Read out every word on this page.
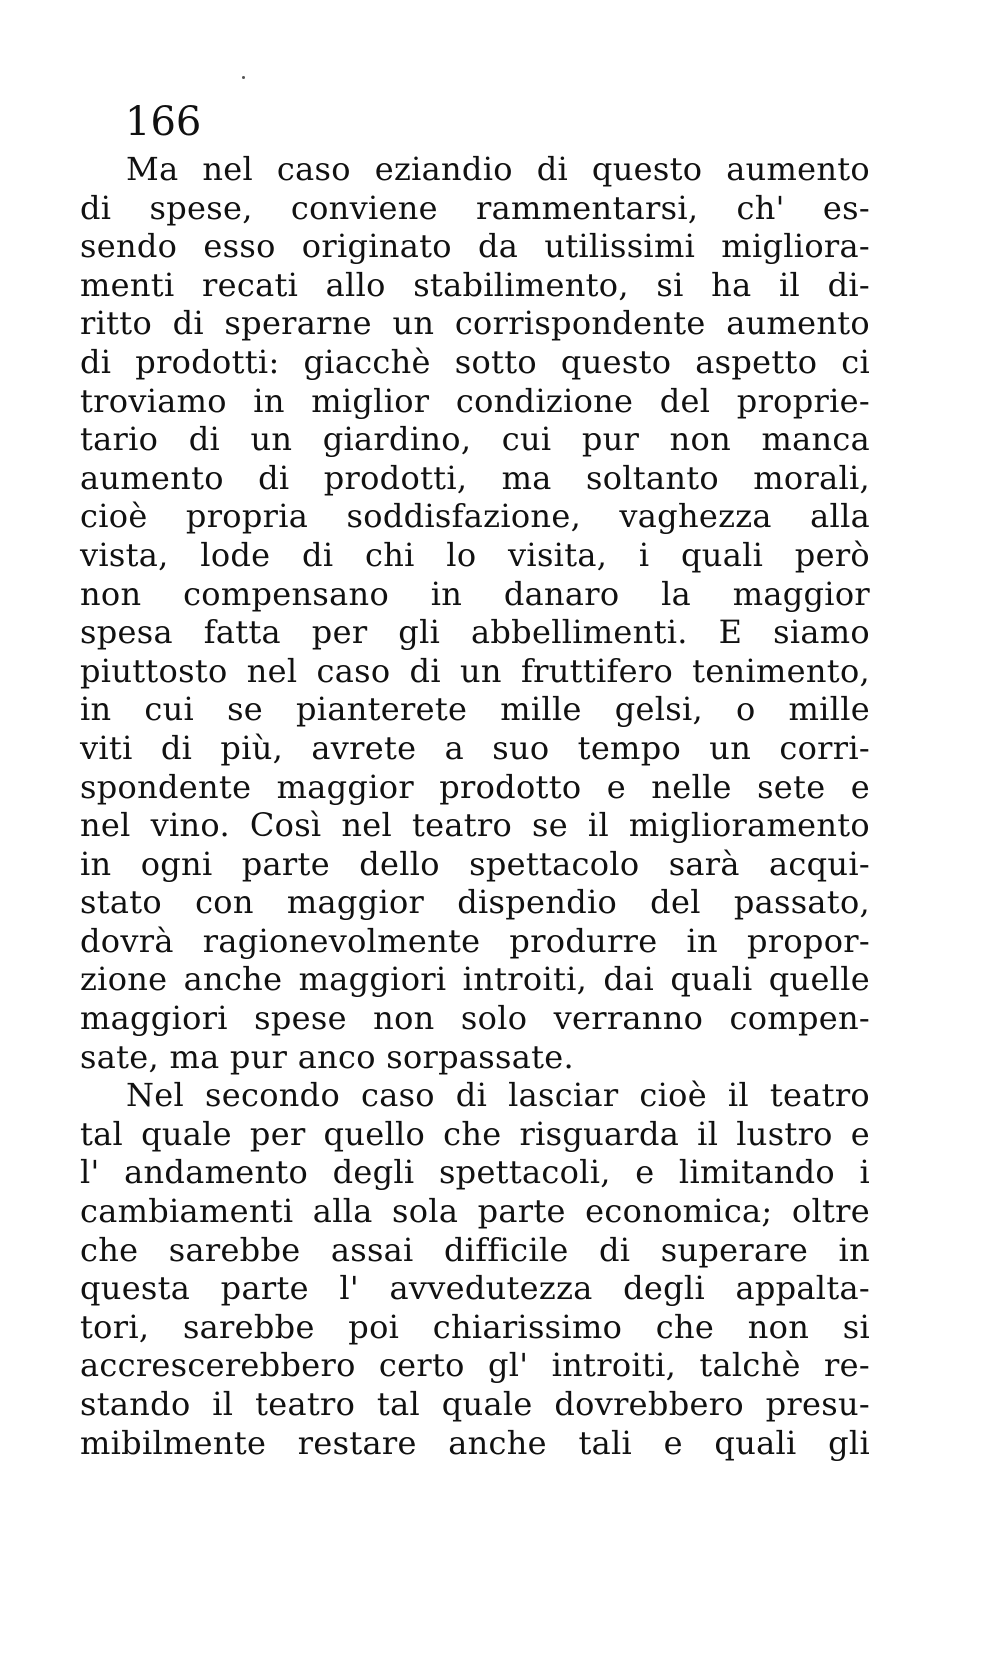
166

Ma nel caso eziandio di questo aumento
di spese, conviene rammentarsi, ch' es-
sendo esso originato da utilissimi migliora-
menti recati allo stabilimento, si ha il di-
ritto di sperarne un corrispondente aumento
di prodotti: giacchè sotto questo aspetto ci
troviamo in miglior condizione del proprie-
tario di un giardino, cui pur non manca
aumento di prodotti, ma soltanto morali,
cioè propria soddisfazione, vaghezza alla
vista, lode di chi lo visita, i quali però
non compensano in danaro la maggior
spesa fatta per gli abbellimenti. E siamo
piuttosto nel caso di un fruttifero tenimento,
in cui se pianterete mille gelsi, o mille
viti di più, avrete a suo tempo un corri-
spondente maggior prodotto e nelle sete e
nel vino. Così nel teatro se il miglioramento
in ogni parte dello spettacolo sarà acqui-
stato con maggior dispendio del passato,
dovrà ragionevolmente produrre in propor-
zione anche maggiori introiti, dai quali quelle
maggiori spese non solo verranno compen-
sate, ma pur anco sorpassate.
Nel secondo caso di lasciar cioè il teatro
tal quale per quello che risguarda il lustro e
l' andamento degli spettacoli, e limitando i
cambiamenti alla sola parte economica; oltre
che sarebbe assai difficile di superare in
questa parte l' avvedutezza degli appalta-
tori, sarebbe poi chiarissimo che non si
accrescerebbero certo gl' introiti, talchè re-
stando il teatro tal quale dovrebbero presu-
mibilmente restare anche tali e quali gli
